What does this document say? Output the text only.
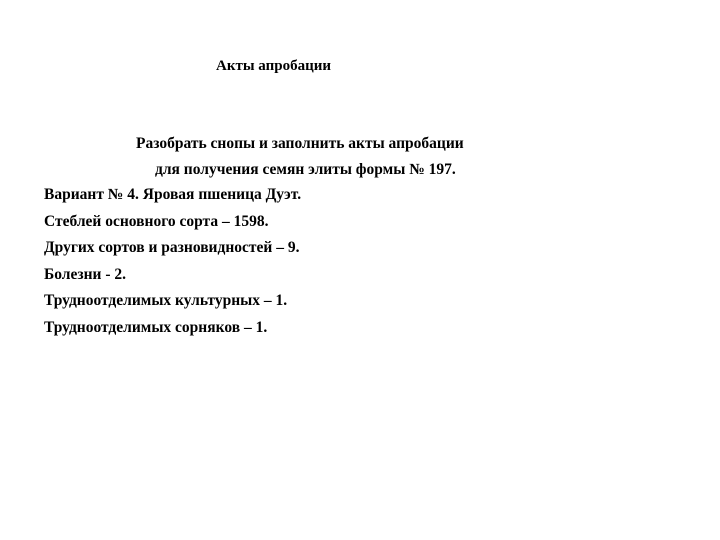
Акты апробации
Разобрать снопы и заполнить акты апробации
для получения семян элиты формы № 197.
Вариант № 4. Яровая пшеница Дуэт.
Стеблей основного сорта – 1598.
Других сортов и разновидностей – 9.
Болезни - 2.
Трудноотделимых культурных – 1.
Трудноотделимых сорняков – 1.
